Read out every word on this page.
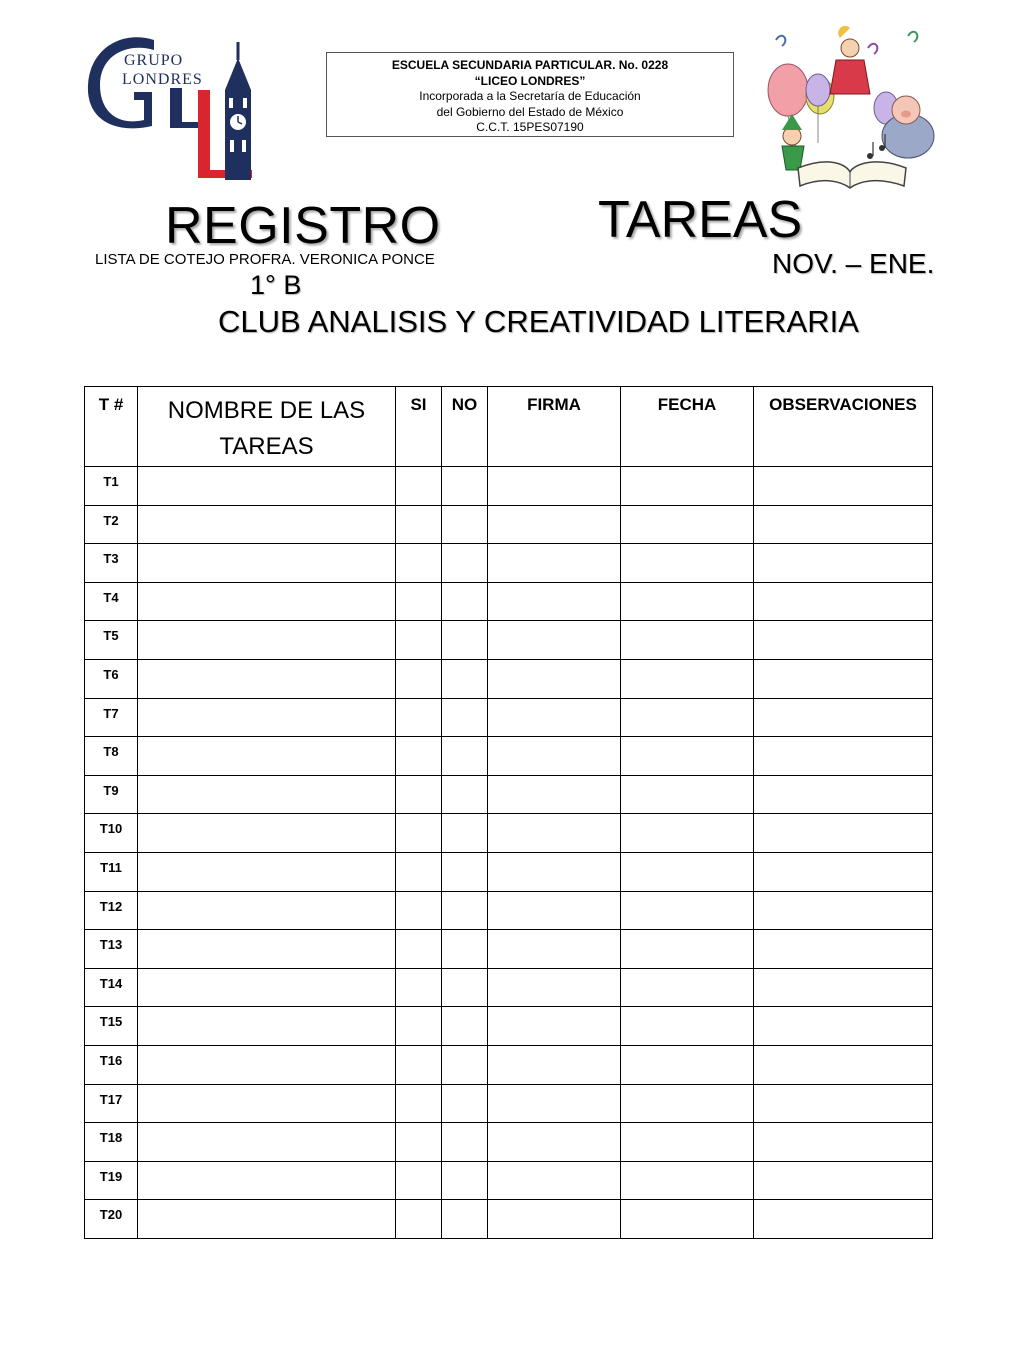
GRUPO
LONDRES
ESCUELA SECUNDARIA PARTICULAR. No. 0228
“LICEO LONDRES”
Incorporada a la Secretaría de Educación
del Gobierno del Estado de México
C.C.T. 15PES07190
REGISTRO	TAREAS
LISTA DE COTEJO PROFRA. VERONICA PONCE	NOV. – ENE.
1° B
CLUB ANALISIS Y CREATIVIDAD LITERARIA
T #	NOMBRE DE LAS TAREAS	SI	NO	FIRMA	FECHA	OBSERVACIONES
T1						
T2						
T3						
T4						
T5						
T6						
T7						
T8						
T9						
T10						
T11						
T12						
T13						
T14						
T15						
T16						
T17						
T18						
T19						
T20						
